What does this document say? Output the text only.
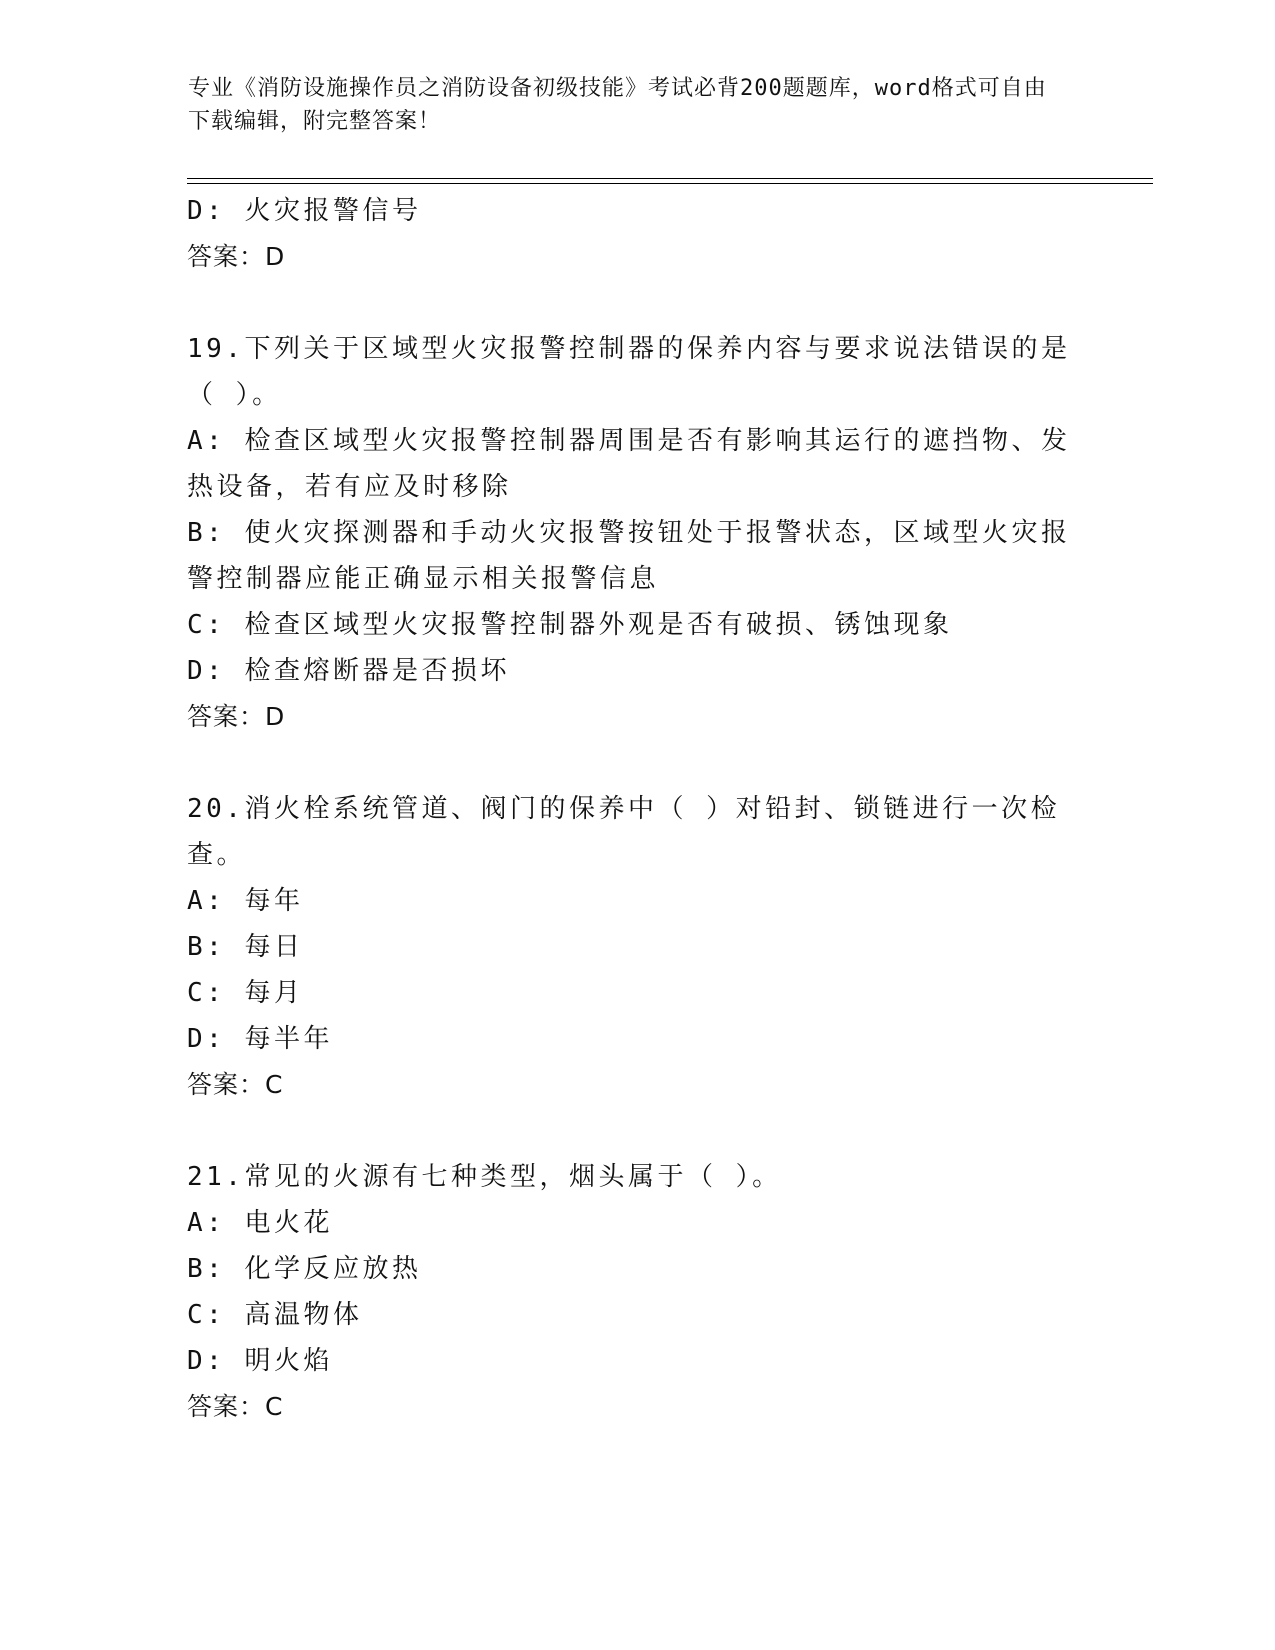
专业《消防设施操作员之消防设备初级技能》考试必背200题题库，word格式可自由下载编辑，附完整答案！
D: 火灾报警信号
答案：D
19.下列关于区域型火灾报警控制器的保养内容与要求说法错误的是（ ）。
A: 检查区域型火灾报警控制器周围是否有影响其运行的遮挡物、发热设备，若有应及时移除
B: 使火灾探测器和手动火灾报警按钮处于报警状态，区域型火灾报警控制器应能正确显示相关报警信息
C: 检查区域型火灾报警控制器外观是否有破损、锈蚀现象
D: 检查熔断器是否损坏
答案：D
20.消火栓系统管道、阀门的保养中（ ）对铅封、锁链进行一次检查。
A: 每年
B: 每日
C: 每月
D: 每半年
答案：C
21.常见的火源有七种类型，烟头属于（ ）。
A: 电火花
B: 化学反应放热
C: 高温物体
D: 明火焰
答案：C
